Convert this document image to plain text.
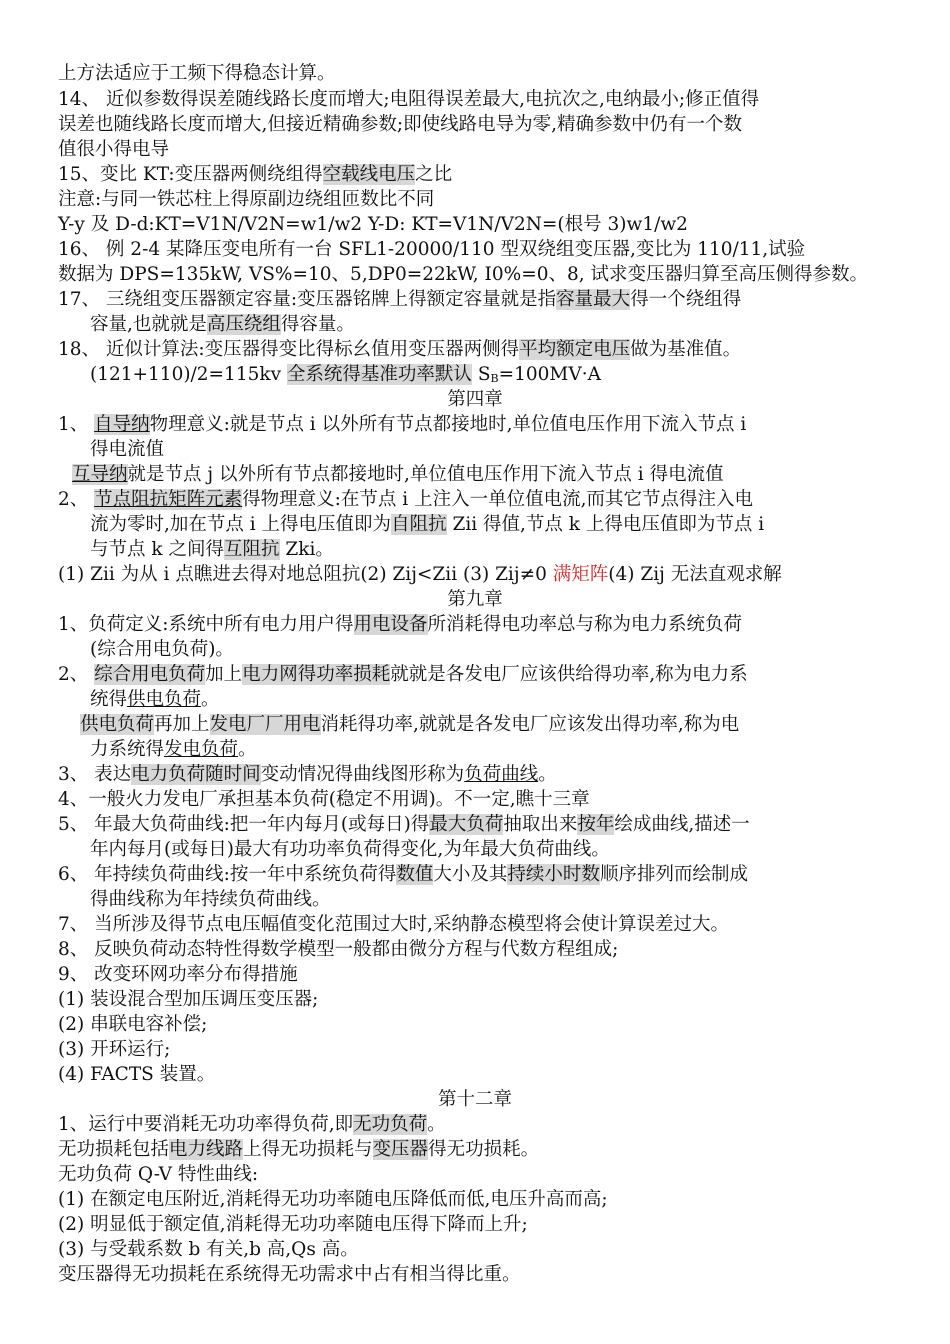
上方法适应于工频下得稳态计算。
14、 近似参数得误差随线路长度而增大;电阻得误差最大,电抗次之,电纳最小;修正值得
误差也随线路长度而增大,但接近精确参数;即使线路电导为零,精确参数中仍有一个数
值很小得电导
15、变比 KT:变压器两侧绕组得空载线电压之比
注意:与同一铁芯柱上得原副边绕组匝数比不同
Y-y 及 D-d:KT=V1N/V2N=w1/w2 Y-D: KT=V1N/V2N=(根号 3)w1/w2
16、 例 2-4 某降压变电所有一台 SFL1-20000/110 型双绕组变压器,变比为 110/11,试验
数据为 DPS=135kW, VS%=10、5,DP0=22kW, I0%=0、8, 试求变压器归算至高压侧得参数。
17、 三绕组变压器额定容量:变压器铭牌上得额定容量就是指容量最大得一个绕组得
容量,也就就是高压绕组得容量。
18、 近似计算法:变压器得变比得标幺值用变压器两侧得平均额定电压做为基准值。
(121+110)/2=115kv 全系统得基准功率默认 $S_B=100MV\cdot A$
第四章
1、 自导纳物理意义:就是节点 i 以外所有节点都接地时,单位值电压作用下流入节点 i
得电流值
互导纳就是节点 j 以外所有节点都接地时,单位值电压作用下流入节点 i 得电流值
2、 节点阻抗矩阵元素得物理意义:在节点 i 上注入一单位值电流,而其它节点得注入电
流为零时,加在节点 i 上得电压值即为自阻抗 Zii 得值,节点 k 上得电压值即为节点 i
与节点 k 之间得互阻抗 Zki。
(1) Zii 为从 i 点瞧进去得对地总阻抗(2) Zij<Zii (3) Zij≠0 满矩阵(4) Zij 无法直观求解
第九章
1、负荷定义:系统中所有电力用户得用电设备所消耗得电功率总与称为电力系统负荷
(综合用电负荷)。
2、 综合用电负荷加上电力网得功率损耗就就是各发电厂应该供给得功率,称为电力系
统得供电负荷。
供电负荷再加上发电厂厂用电消耗得功率,就就是各发电厂应该发出得功率,称为电
力系统得发电负荷。
3、 表达电力负荷随时间变动情况得曲线图形称为负荷曲线。
4、一般火力发电厂承担基本负荷(稳定不用调)。不一定,瞧十三章
5、 年最大负荷曲线:把一年内每月(或每日)得最大负荷抽取出来按年绘成曲线,描述一
年内每月(或每日)最大有功功率负荷得变化,为年最大负荷曲线。
6、 年持续负荷曲线:按一年中系统负荷得数值大小及其持续小时数顺序排列而绘制成
得曲线称为年持续负荷曲线。
7、 当所涉及得节点电压幅值变化范围过大时,采纳静态模型将会使计算误差过大。
8、 反映负荷动态特性得数学模型一般都由微分方程与代数方程组成;
9、 改变环网功率分布得措施
(1) 装设混合型加压调压变压器;
(2) 串联电容补偿;
(3) 开环运行;
(4) FACTS 装置。
第十二章
1、运行中要消耗无功功率得负荷,即无功负荷。
无功损耗包括电力线路上得无功损耗与变压器得无功损耗。
无功负荷 Q-V 特性曲线:
(1) 在额定电压附近,消耗得无功功率随电压降低而低,电压升高而高;
(2) 明显低于额定值,消耗得无功功率随电压得下降而上升;
(3) 与受载系数 b 有关,b 高,Qs 高。
变压器得无功损耗在系统得无功需求中占有相当得比重。
